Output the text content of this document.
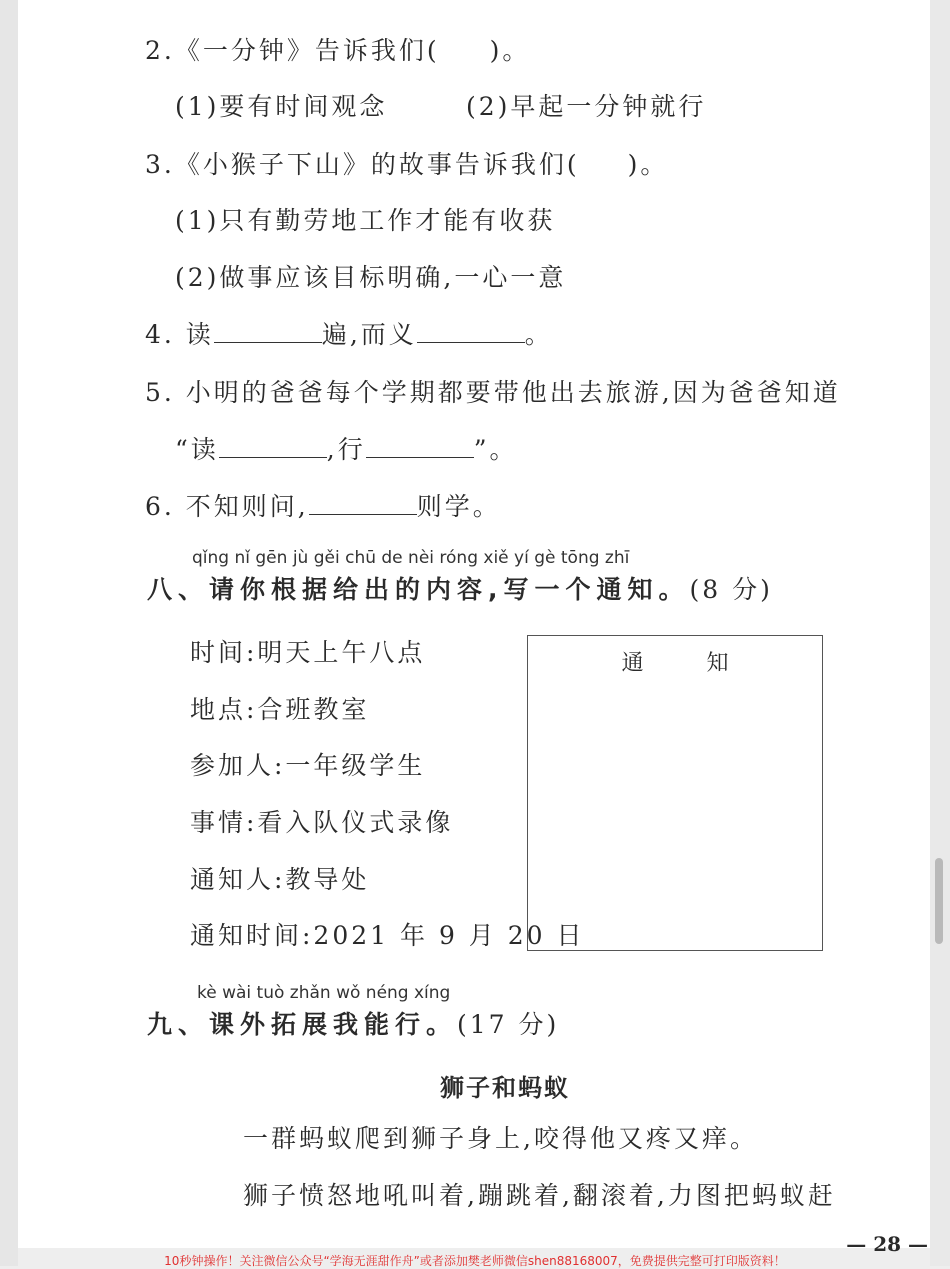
2.《一分钟》告诉我们( )。
(1)要有时间观念	(2)早起一分钟就行
3.《小猴子下山》的故事告诉我们( )。
(1)只有勤劳地工作才能有收获
(2)做事应该目标明确,一心一意
4. 读	遍,而义	。
5. 小明的爸爸每个学期都要带他出去旅游,因为爸爸知道
“读	,行	”。
6. 不知则问,	则学。
qǐng nǐ gēn jù gěi chū de nèi róng xiě yí gè tōng zhī
八、请你根据给出的内容,写一个通知。(8 分)
时间:明天上午八点
地点:合班教室
参加人:一年级学生
事情:看入队仪式录像
通知人:教导处
通知时间:2021 年 9 月 20 日
通 知
kè wài tuò zhǎn wǒ néng xíng
九、课外拓展我能行。(17 分)
狮子和蚂蚁
一群蚂蚁爬到狮子身上,咬得他又疼又痒。
狮子愤怒地吼叫着,蹦跳着,翻滚着,力图把蚂蚁赶
— 28 —
10秒钟操作！关注微信公众号“学海无涯甜作舟”或者添加樊老师微信shen88168007，免费提供完整可打印版资料！
